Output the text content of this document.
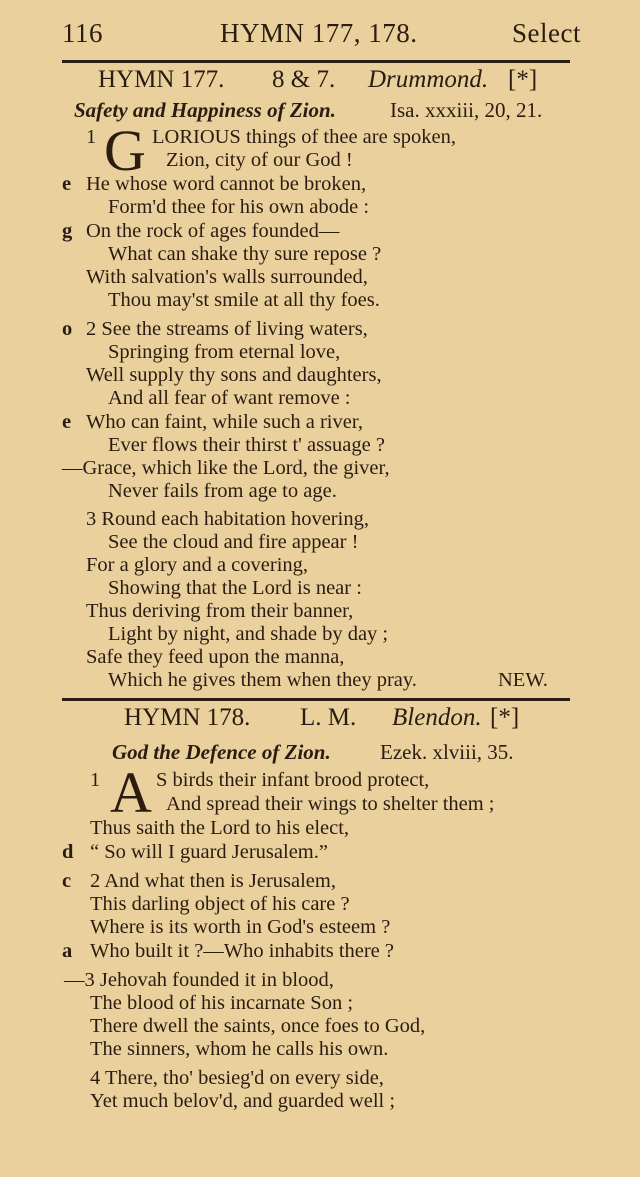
116	HYMN 177, 178.	Select
HYMN 177. 8 & 7. Drummond. [*]
Safety and Happiness of Zion.	Isa. xxxiii, 20, 21.
1 G LORIOUS things of thee are spoken,
Zion, city of our God !
e He whose word cannot be broken,
Form'd thee for his own abode :
g On the rock of ages founded—
What can shake thy sure repose ?
With salvation's walls surrounded,
Thou may'st smile at all thy foes.
o 2 See the streams of living waters,
Springing from eternal love,
Well supply thy sons and daughters,
And all fear of want remove :
e Who can faint, while such a river,
Ever flows their thirst t' assuage ?
—Grace, which like the Lord, the giver,
Never fails from age to age.
3 Round each habitation hovering,
See the cloud and fire appear !
For a glory and a covering,
Showing that the Lord is near :
Thus deriving from their banner,
Light by night, and shade by day ;
Safe they feed upon the manna,
Which he gives them when they pray.	NEW.
HYMN 178. L. M. Blendon. [*]
God the Defence of Zion. Ezek. xlviii, 35.
1 A S birds their infant brood protect,
And spread their wings to shelter them ;
Thus saith the Lord to his elect,
d “ So will I guard Jerusalem.”
c 2 And what then is Jerusalem,
This darling object of his care ?
Where is its worth in God's esteem ?
a Who built it ?—Who inhabits there ?
—3 Jehovah founded it in blood,
The blood of his incarnate Son ;
There dwell the saints, once foes to God,
The sinners, whom he calls his own.
4 There, tho' besieg'd on every side,
Yet much belov'd, and guarded well ;
